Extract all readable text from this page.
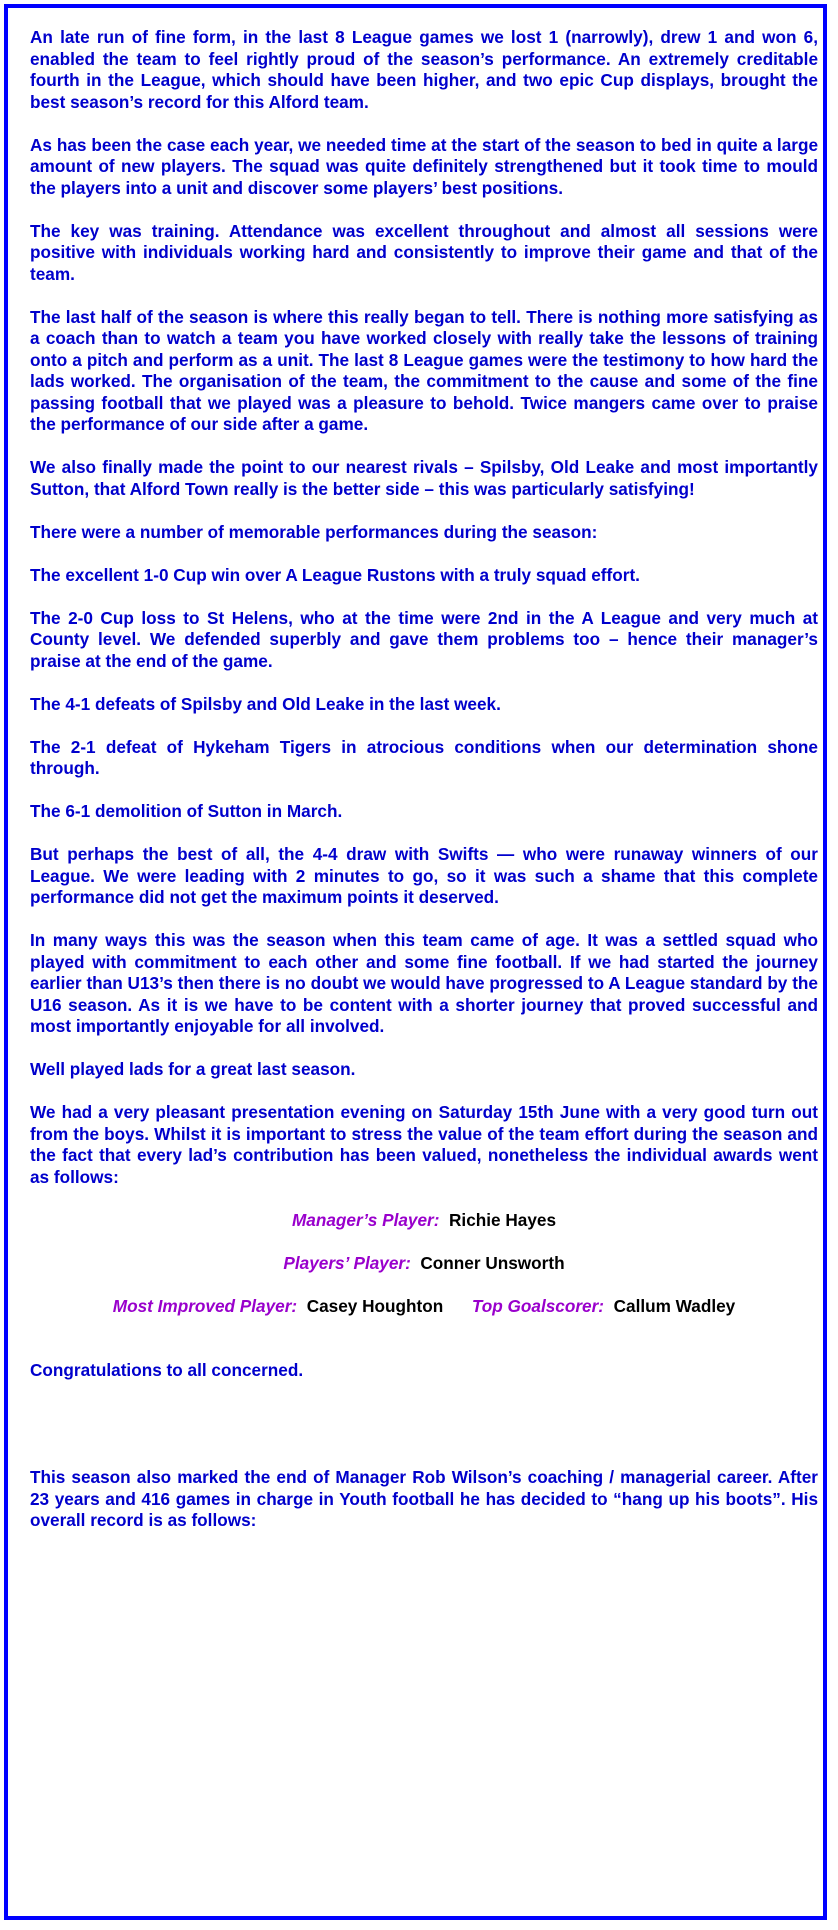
An late run of fine form, in the last 8 League games we lost 1 (narrowly), drew 1 and won 6, enabled the team to feel rightly proud of the season’s performance. An extremely creditable fourth in the League, which should have been higher, and two epic Cup displays, brought the best season’s record for this Alford team.

As has been the case each year, we needed time at the start of the season to bed in quite a large amount of new players. The squad was quite definitely strengthened but it took time to mould the players into a unit and discover some players’ best positions.

The key was training. Attendance was excellent throughout and almost all sessions were positive with individuals working hard and consistently to improve their game and that of the team.

The last half of the season is where this really began to tell. There is nothing more satisfying as a coach than to watch a team you have worked closely with really take the lessons of training onto a pitch and perform as a unit. The last 8 League games were the testimony to how hard the lads worked. The organisation of the team, the commitment to the cause and some of the fine passing football that we played was a pleasure to behold. Twice mangers came over to praise the performance of our side after a game.

We also finally made the point to our nearest rivals – Spilsby, Old Leake and most importantly Sutton, that Alford Town really is the better side – this was particularly satisfying!

There were a number of memorable performances during the season:

The excellent 1-0 Cup win over A League Rustons with a truly squad effort.

The 2-0 Cup loss to St Helens, who at the time were 2nd in the A League and very much at County level. We defended superbly and gave them problems too – hence their manager’s praise at the end of the game.

The 4-1 defeats of Spilsby and Old Leake in the last week.

The 2-1 defeat of Hykeham Tigers in atrocious conditions when our determination shone through.

The 6-1 demolition of Sutton in March.

But perhaps the best of all, the 4-4 draw with Swifts — who were runaway winners of our League. We were leading with 2 minutes to go, so it was such a shame that this complete performance did not get the maximum points it deserved.

In many ways this was the season when this team came of age. It was a settled squad who played with commitment to each other and some fine football. If we had started the journey earlier than U13’s then there is no doubt we would have progressed to A League standard by the U16 season. As it is we have to be content with a shorter journey that proved successful and most importantly enjoyable for all involved.

Well played lads for a great last season.

We had a very pleasant presentation evening on Saturday 15th June with a very good turn out from the boys. Whilst it is important to stress the value of the team effort during the season and the fact that every lad’s contribution has been valued, nonetheless the individual awards went as follows:

Manager’s Player: Richie Hayes
Players’ Player: Conner Unsworth
Most Improved Player: Casey Houghton Top Goalscorer: Callum Wadley

Congratulations to all concerned.

This season also marked the end of Manager Rob Wilson’s coaching / managerial career. After 23 years and 416 games in charge in Youth football he has decided to “hang up his boots”. His overall record is as follows:
